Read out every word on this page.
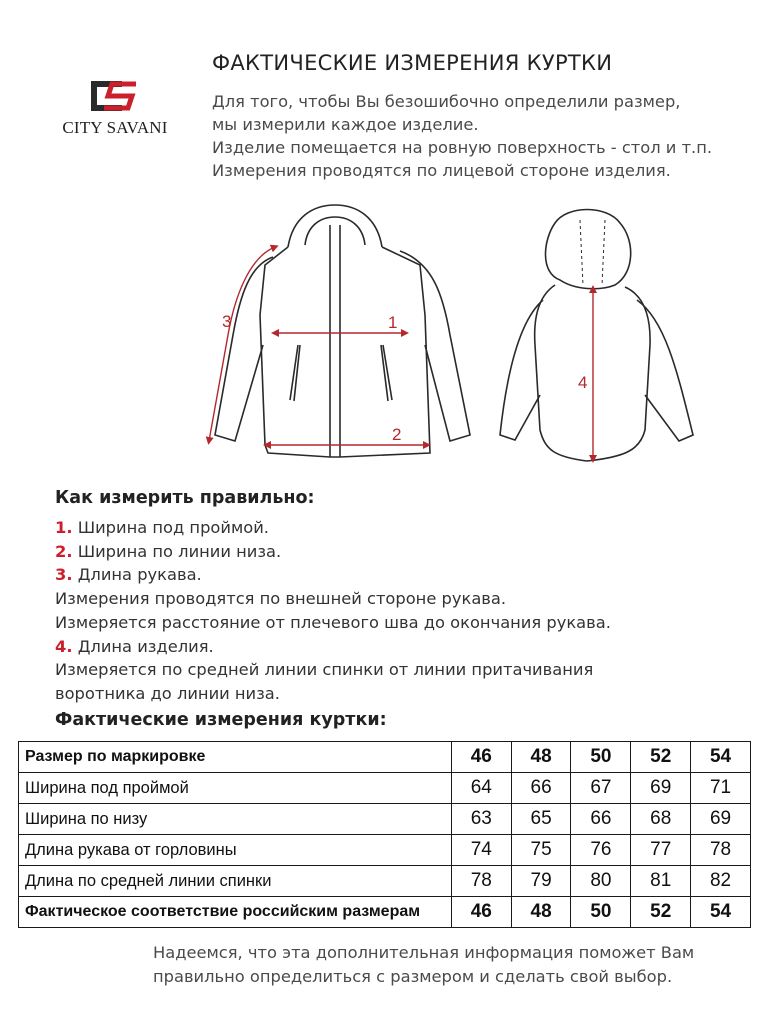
CITY SAVANI
ФАКТИЧЕСКИЕ ИЗМЕРЕНИЯ КУРТКИ
Для того, чтобы Вы безошибочно определили размер,
мы измерили каждое изделие.
Изделие помещается на ровную поверхность - стол и т.п.
Измерения проводятся по лицевой стороне изделия.
1
2
3
4
Как измерить правильно:
1. Ширина под проймой.
2. Ширина по линии низа.
3. Длина рукава.
Измерения проводятся по внешней стороне рукава.
Измеряется расстояние от плечевого шва до окончания рукава.
4. Длина изделия.
Измеряется по средней линии спинки от линии притачивания
воротника до линии низа.
Фактические измерения куртки:
Размер по маркировке	46	48	50	52	54
Ширина под проймой	64	66	67	69	71
Ширина по низу	63	65	66	68	69
Длина рукава от горловины	74	75	76	77	78
Длина по средней линии спинки	78	79	80	81	82
Фактическое соответствие российским размерам	46	48	50	52	54
Надеемся, что эта дополнительная информация поможет Вам
правильно определиться с размером и сделать свой выбор.
